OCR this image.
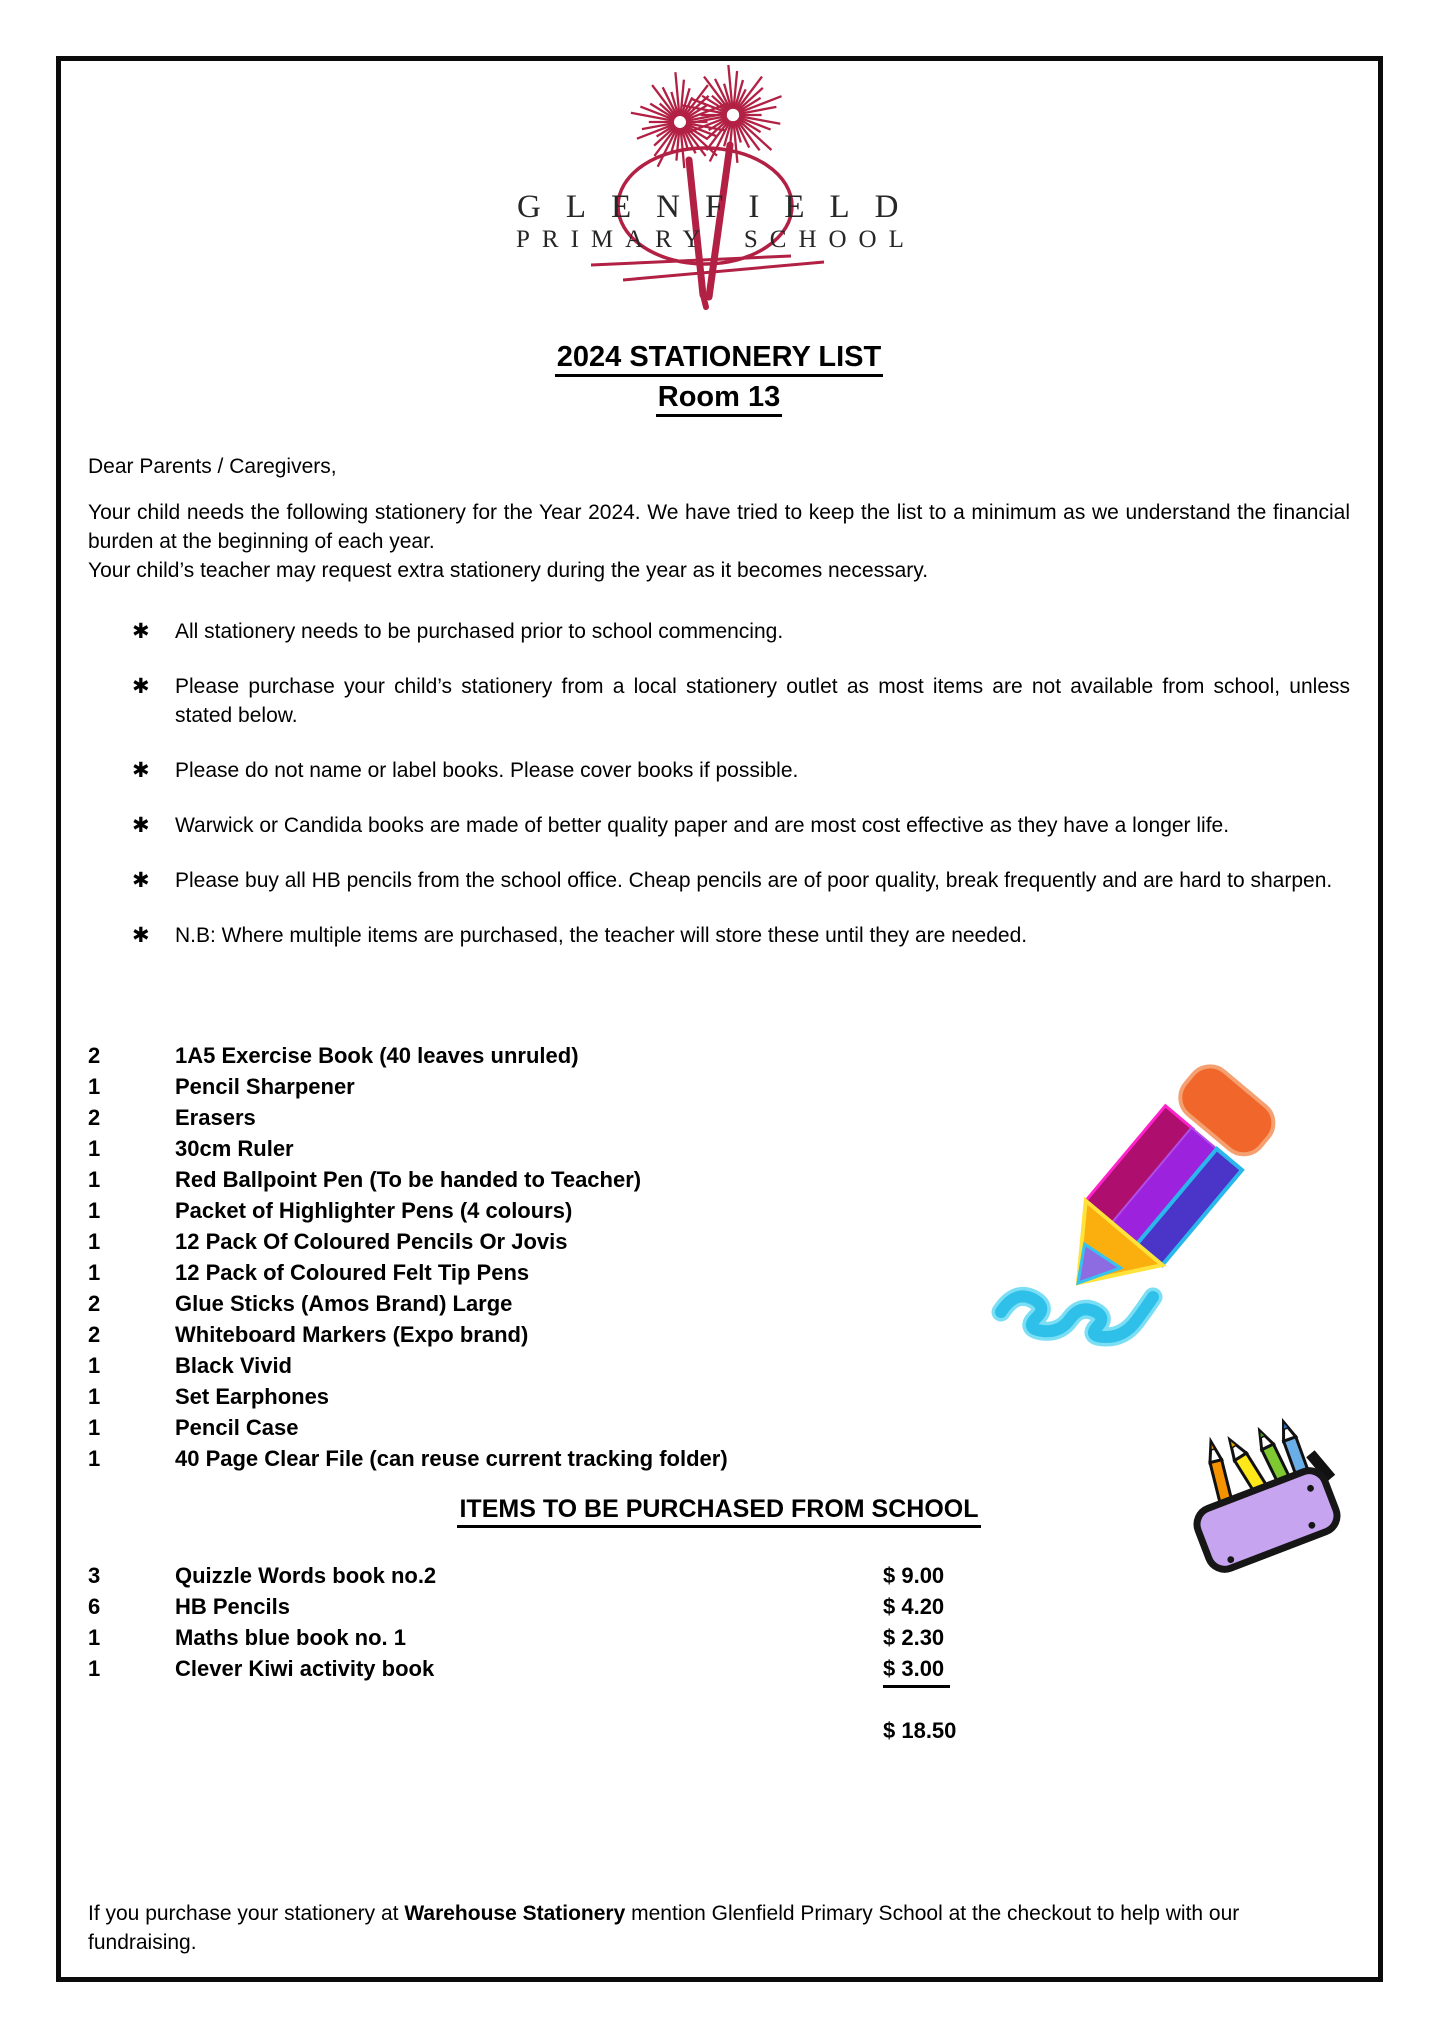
GLENFIELD
PRIMARY SCHOOL
2024 STATIONERY LIST
Room 13
Dear Parents / Caregivers,
Your child needs the following stationery for the Year 2024. We have tried to keep the list to a minimum as we understand the financial burden at the beginning of each year.
Your child’s teacher may request extra stationery during the year as it becomes necessary.
✱ All stationery needs to be purchased prior to school commencing.
✱ Please purchase your child’s stationery from a local stationery outlet as most items are not available from school, unless stated below.
✱ Please do not name or label books. Please cover books if possible.
✱ Warwick or Candida books are made of better quality paper and are most cost effective as they have a longer life.
✱ Please buy all HB pencils from the school office. Cheap pencils are of poor quality, break frequently and are hard to sharpen.
✱ N.B: Where multiple items are purchased, the teacher will store these until they are needed.
2	1A5 Exercise Book (40 leaves unruled)
1	Pencil Sharpener
2	Erasers
1	30cm Ruler
1	Red Ballpoint Pen (To be handed to Teacher)
1	Packet of Highlighter Pens (4 colours)
1	12 Pack Of Coloured Pencils Or Jovis
1	12 Pack of Coloured Felt Tip Pens
2	Glue Sticks (Amos Brand) Large
2	Whiteboard Markers (Expo brand)
1	Black Vivid
1	Set Earphones
1	Pencil Case
1	40 Page Clear File (can reuse current tracking folder)
ITEMS TO BE PURCHASED FROM SCHOOL
3	Quizzle Words book no.2	$ 9.00
6	HB Pencils	$ 4.20
1	Maths blue book no. 1	$ 2.30
1	Clever Kiwi activity book	$ 3.00
$ 18.50
If you purchase your stationery at Warehouse Stationery mention Glenfield Primary School at the checkout to help with our fundraising.
